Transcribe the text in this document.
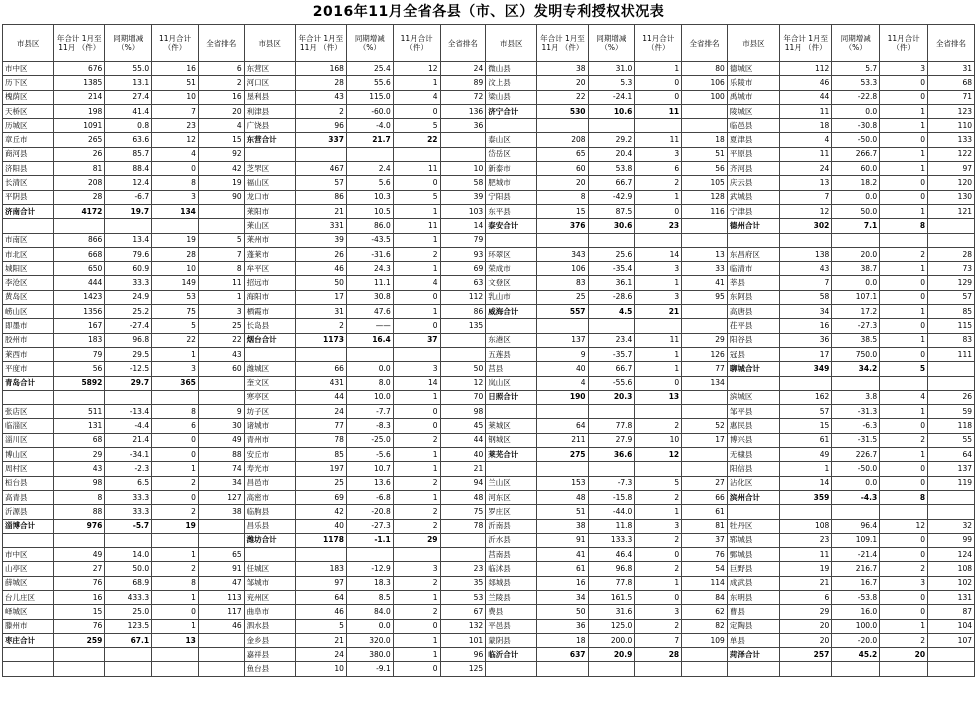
2016年11月全省各县（市、区）发明专利授权状况表
市县区	年合计 1月至11月 （件）	同期增减 （%）	11月合计 （件）	全省排名	市县区	年合计 1月至11月 （件）	同期增减 （%）	11月合计 （件）	全省排名	市县区	年合计 1月至11月 （件）	同期增减 （%）	11月合计 （件）	全省排名	市县区	年合计 1月至11月 （件）	同期增减 （%）	11月合计 （件）	全省排名
市中区	676	55.0	16	6	东营区	168	25.4	12	24	微山县	38	31.0	1	80	德城区	112	5.7	3	31
历下区	1385	13.1	51	2	河口区	28	55.6	1	89	汶上县	20	5.3	0	106	乐陵市	46	53.3	0	68
槐荫区	214	27.4	10	16	垦利县	43	115.0	4	72	梁山县	22	-24.1	0	100	禹城市	44	-22.8	0	71
天桥区	198	41.4	7	20	利津县	2	-60.0	0	136	济宁合计	530	10.6	11		陵城区	11	0.0	1	123
历城区	1091	0.8	23	4	广饶县	96	-4.0	5	36						临邑县	18	-30.8	1	110
章丘市	265	63.6	12	15	东营合计	337	21.7	22		泰山区	208	29.2	11	18	夏津县	4	-50.0	0	133
商河县	26	85.7	4	92						岱岳区	65	20.4	3	51	平原县	11	266.7	1	122
济阳县	81	88.4	0	42	芝罘区	467	2.4	11	10	新泰市	60	53.8	6	56	齐河县	24	60.0	1	97
长清区	208	12.4	8	19	福山区	57	5.6	0	58	肥城市	20	66.7	2	105	庆云县	13	18.2	0	120
平阴县	28	-6.7	3	90	龙口市	86	10.3	5	39	宁阳县	8	-42.9	1	128	武城县	7	0.0	0	130
济南合计	4172	19.7	134		莱阳市	21	10.5	1	103	东平县	15	87.5	0	116	宁津县	12	50.0	1	121
					莱山区	331	86.0	11	14	泰安合计	376	30.6	23		德州合计	302	7.1	8	
市南区	866	13.4	19	5	莱州市	39	-43.5	1	79										
市北区	668	79.6	28	7	蓬莱市	26	-31.6	2	93	环翠区	343	25.6	14	13	东昌府区	138	20.0	2	28
城阳区	650	60.9	10	8	牟平区	46	24.3	1	69	荣成市	106	-35.4	3	33	临清市	43	38.7	1	73
李沧区	444	33.3	149	11	招远市	50	11.1	4	63	文登区	83	36.1	1	41	莘县	7	0.0	0	129
黄岛区	1423	24.9	53	1	海阳市	17	30.8	0	112	乳山市	25	-28.6	3	95	东阿县	58	107.1	0	57
崂山区	1356	25.2	75	3	栖霞市	31	47.6	1	86	威海合计	557	4.5	21		高唐县	34	17.2	1	85
即墨市	167	-27.4	5	25	长岛县	2	——	0	135						茌平县	16	-27.3	0	115
胶州市	183	96.8	22	22	烟台合计	1173	16.4	37		东港区	137	23.4	11	29	阳谷县	36	38.5	1	83
莱西市	79	29.5	1	43						五莲县	9	-35.7	1	126	冠县	17	750.0	0	111
平度市	56	-12.5	3	60	潍城区	66	0.0	3	50	莒县	40	66.7	1	77	聊城合计	349	34.2	5	
青岛合计	5892	29.7	365		奎文区	431	8.0	14	12	岚山区	4	-55.6	0	134					
					寒亭区	44	10.0	1	70	日照合计	190	20.3	13		滨城区	162	3.8	4	26
张店区	511	-13.4	8	9	坊子区	24	-7.7	0	98						邹平县	57	-31.3	1	59
临淄区	131	-4.4	6	30	诸城市	77	-8.3	0	45	莱城区	64	77.8	2	52	惠民县	15	-6.3	0	118
淄川区	68	21.4	0	49	青州市	78	-25.0	2	44	钢城区	211	27.9	10	17	博兴县	61	-31.5	2	55
博山区	29	-34.1	0	88	安丘市	85	-5.6	1	40	莱芜合计	275	36.6	12		无棣县	49	226.7	1	64
周村区	43	-2.3	1	74	寿光市	197	10.7	1	21						阳信县	1	-50.0	0	137
桓台县	98	6.5	2	34	昌邑市	25	13.6	2	94	兰山区	153	-7.3	5	27	沾化区	14	0.0	0	119
高青县	8	33.3	0	127	高密市	69	-6.8	1	48	河东区	48	-15.8	2	66	滨州合计	359	-4.3	8	
沂源县	88	33.3	2	38	临朐县	42	-20.8	2	75	罗庄区	51	-44.0	1	61					
淄博合计	976	-5.7	19		昌乐县	40	-27.3	2	78	沂南县	38	11.8	3	81	牡丹区	108	96.4	12	32
					潍坊合计	1178	-1.1	29		沂水县	91	133.3	2	37	郓城县	23	109.1	0	99
市中区	49	14.0	1	65						莒南县	41	46.4	0	76	鄄城县	11	-21.4	0	124
山亭区	27	50.0	2	91	任城区	183	-12.9	3	23	临沭县	61	96.8	2	54	巨野县	19	216.7	2	108
薛城区	76	68.9	8	47	邹城市	97	18.3	2	35	郯城县	16	77.8	1	114	成武县	21	16.7	3	102
台儿庄区	16	433.3	1	113	兖州区	64	8.5	1	53	兰陵县	34	161.5	0	84	东明县	6	-53.8	0	131
峄城区	15	25.0	0	117	曲阜市	46	84.0	2	67	费县	50	31.6	3	62	曹县	29	16.0	0	87
滕州市	76	123.5	1	46	泗水县	5	0.0	0	132	平邑县	36	125.0	2	82	定陶县	20	100.0	1	104
枣庄合计	259	67.1	13		金乡县	21	320.0	1	101	蒙阴县	18	200.0	7	109	单县	20	-20.0	2	107
					嘉祥县	24	380.0	1	96	临沂合计	637	20.9	28		菏泽合计	257	45.2	20	
					鱼台县	10	-9.1	0	125										
